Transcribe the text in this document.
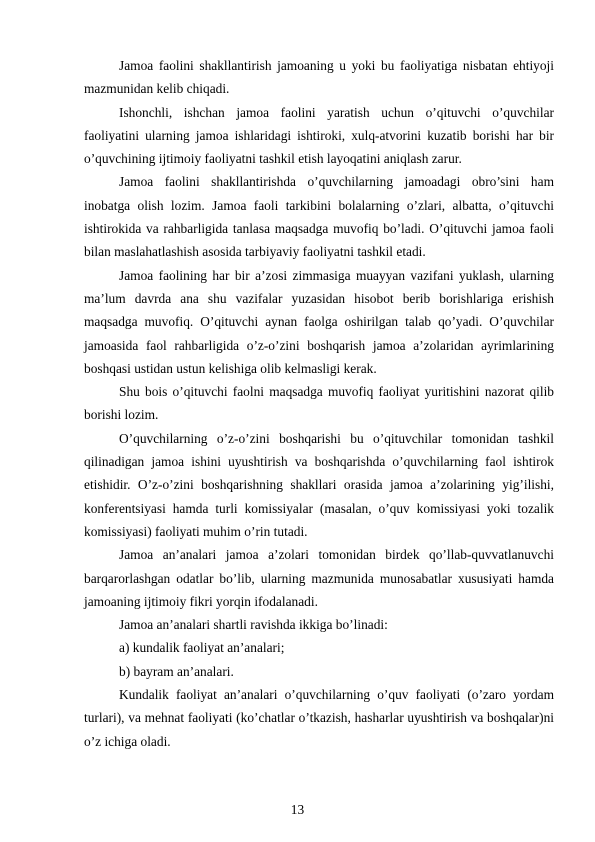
Jamoa faolini shakllantirish jamoaning u yoki bu faoliyatiga nisbatan ehtiyoji mazmunidan kelib chiqadi.

Ishonchli, ishchan jamoa faolini yaratish uchun o’qituvchi o’quvchilar faoliyatini ularning jamoa ishlaridagi ishtiroki, xulq-atvorini kuzatib borishi har bir o’quvchining ijtimoiy faoliyatni tashkil etish layoqatini aniqlash zarur.

Jamoa faolini shakllantirishda o’quvchilarning jamoadagi obro’sini ham inobatga olish lozim. Jamoa faoli tarkibini bolalarning o’zlari, albatta, o’qituvchi ishtirokida va rahbarligida tanlasa maqsadga muvofiq bo’ladi. O’qituvchi jamoa faoli bilan maslahatlashish asosida tarbiyaviy faoliyatni tashkil etadi.

Jamoa faolining har bir a’zosi zimmasiga muayyan vazifani yuklash, ularning ma’lum davrda ana shu vazifalar yuzasidan hisobot berib borishlariga erishish maqsadga muvofiq. O’qituvchi aynan faolga oshirilgan talab qo’yadi. O’quvchilar jamoasida faol rahbarligida o’z-o’zini boshqarish jamoa a’zolaridan ayrimlarining boshqasi ustidan ustun kelishiga olib kelmasligi kerak.

Shu bois o’qituvchi faolni maqsadga muvofiq faoliyat yuritishini nazorat qilib borishi lozim.

O’quvchilarning o’z-o’zini boshqarishi bu o’qituvchilar tomonidan tashkil qilinadigan jamoa ishini uyushtirish va boshqarishda o’quvchilarning faol ishtirok etishidir. O’z-o’zini boshqarishning shakllari orasida jamoa a’zolarining yig’ilishi, konferentsiyasi hamda turli komissiyalar (masalan, o’quv komissiyasi yoki tozalik komissiyasi) faoliyati muhim o’rin tutadi.

Jamoa an’analari jamoa a’zolari tomonidan birdek qo’llab-quvvatlanuvchi barqarorlashgan odatlar bo’lib, ularning mazmunida munosabatlar xususiyati hamda jamoaning ijtimoiy fikri yorqin ifodalanadi.

Jamoa an’analari shartli ravishda ikkiga bo’linadi:

a) kundalik faoliyat an’analari;

b) bayram an’analari.

Kundalik faoliyat an’analari o’quvchilarning o’quv faoliyati (o’zaro yordam turlari), va mehnat faoliyati (ko’chatlar o’tkazish, hasharlar uyushtirish va boshqalar)ni o’z ichiga oladi.

13
